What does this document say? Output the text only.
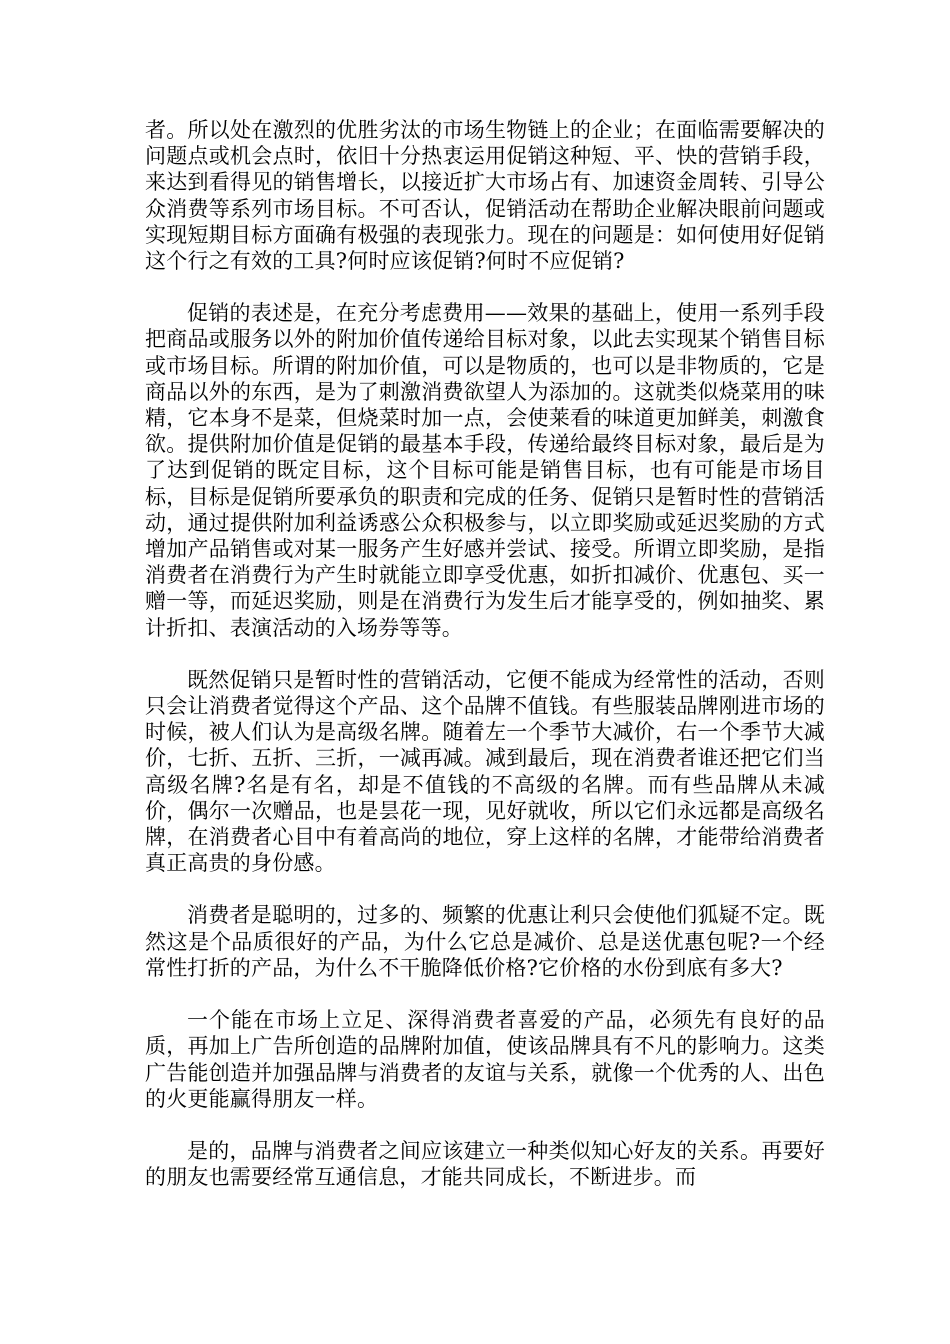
者。所以处在激烈的优胜劣汰的市场生物链上的企业；在面临需要解决的问题点或机会点时，依旧十分热衷运用促销这种短、平、快的营销手段，来达到看得见的销售增长，以接近扩大市场占有、加速资金周转、引导公众消费等系列市场目标。不可否认，促销活动在帮助企业解决眼前问题或实现短期目标方面确有极强的表现张力。现在的问题是：如何使用好促销这个行之有效的工具?何时应该促销?何时不应促销?

促销的表述是，在充分考虑费用——效果的基础上，使用一系列手段把商品或服务以外的附加价值传递给目标对象，以此去实现某个销售目标或市场目标。所谓的附加价值，可以是物质的，也可以是非物质的，它是商品以外的东西，是为了刺激消费欲望人为添加的。这就类似烧菜用的味精，它本身不是菜，但烧菜时加一点，会使莱看的味道更加鲜美，刺激食欲。提供附加价值是促销的最基本手段，传递给最终目标对象，最后是为了达到促销的既定目标，这个目标可能是销售目标，也有可能是市场目标，目标是促销所要承负的职责和完成的任务、促销只是暂时性的营销活动，通过提供附加利益诱惑公众积极参与，以立即奖励或延迟奖励的方式增加产品销售或对某一服务产生好感并尝试、接受。所谓立即奖励，是指消费者在消费行为产生时就能立即享受优惠，如折扣减价、优惠包、买一赠一等，而延迟奖励，则是在消费行为发生后才能享受的，例如抽奖、累计折扣、表演活动的入场券等等。

既然促销只是暂时性的营销活动，它便不能成为经常性的活动，否则只会让消费者觉得这个产品、这个品牌不值钱。有些服装品牌刚进市场的时候，被人们认为是高级名牌。随着左一个季节大减价，右一个季节大减价，七折、五折、三折，一减再减。减到最后，现在消费者谁还把它们当高级名牌?名是有名，却是不值钱的不高级的名牌。而有些品牌从未减价，偶尔一次赠品，也是昙花一现，见好就收，所以它们永远都是高级名牌，在消费者心目中有着高尚的地位，穿上这样的名牌，才能带给消费者真正高贵的身份感。

消费者是聪明的，过多的、频繁的优惠让利只会使他们狐疑不定。既然这是个品质很好的产品，为什么它总是减价、总是送优惠包呢?一个经常性打折的产品，为什么不干脆降低价格?它价格的水份到底有多大?

一个能在市场上立足、深得消费者喜爱的产品，必须先有良好的品质，再加上广告所创造的品牌附加值，使该品牌具有不凡的影响力。这类广告能创造并加强品牌与消费者的友谊与关系，就像一个优秀的人、出色的火更能赢得朋友一样。

是的，品牌与消费者之间应该建立一种类似知心好友的关系。再要好的朋友也需要经常互通信息，才能共同成长，不断进步。而
